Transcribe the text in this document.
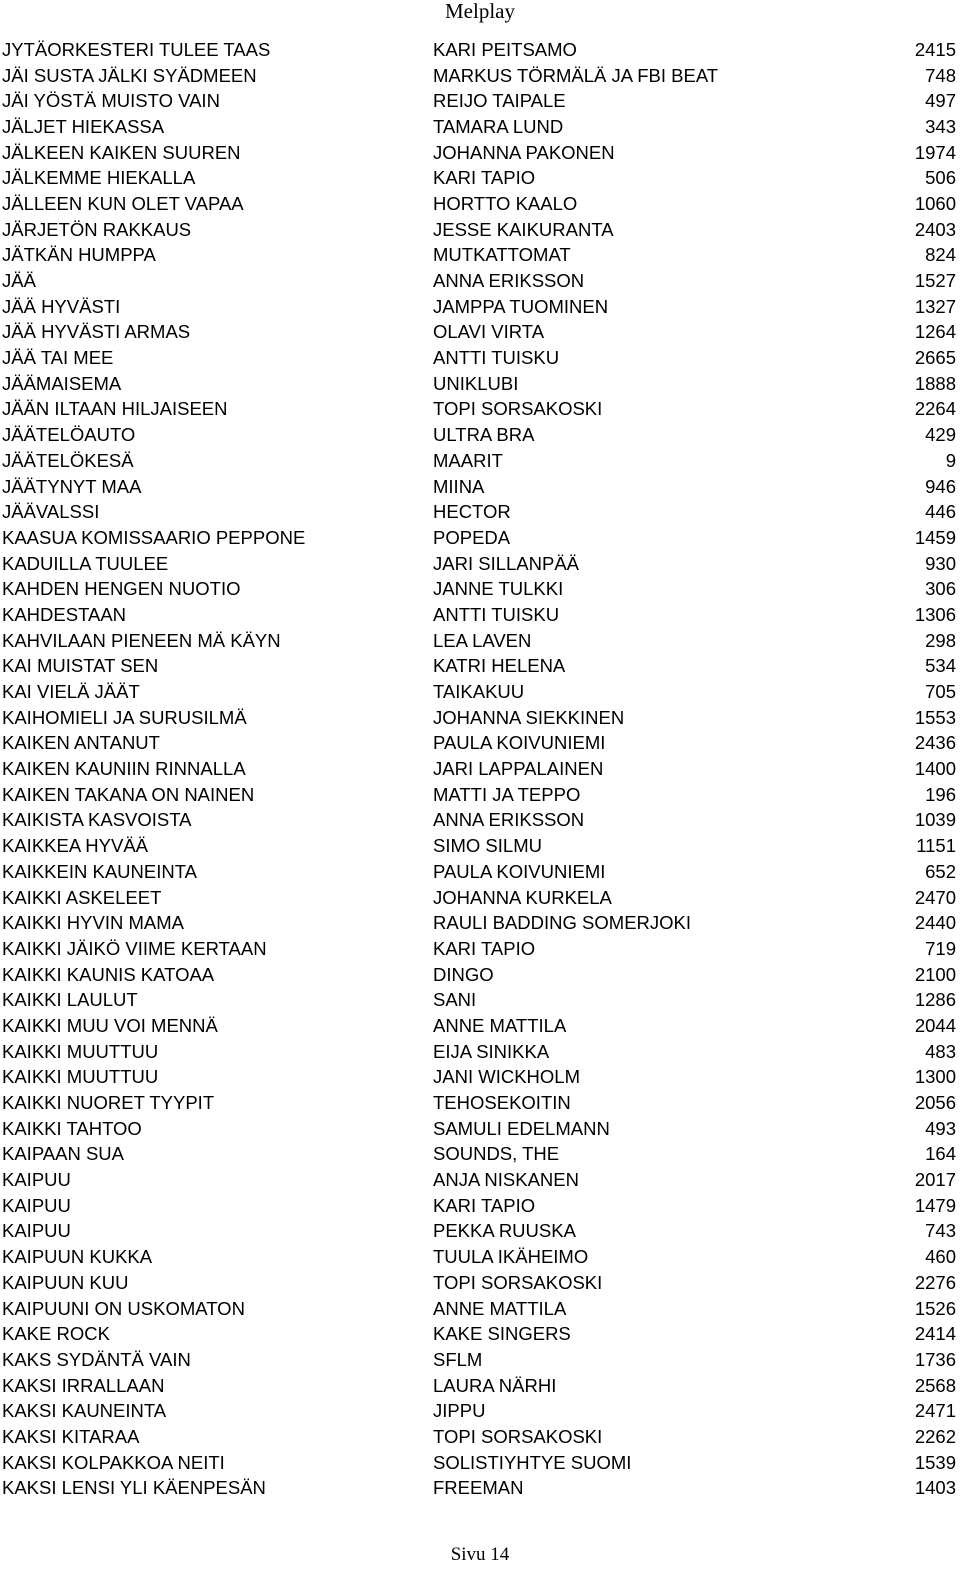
Melplay
JYTÄORKESTERI TULEE TAAS	KARI PEITSAMO	2415
JÄI SUSTA JÄLKI SYÄDMEEN	MARKUS TÖRMÄLÄ JA FBI BEAT	748
JÄI YÖSTÄ MUISTO VAIN	REIJO TAIPALE	497
JÄLJET HIEKASSA	TAMARA LUND	343
JÄLKEEN KAIKEN SUUREN	JOHANNA PAKONEN	1974
JÄLKEMME HIEKALLA	KARI TAPIO	506
JÄLLEEN KUN OLET VAPAA	HORTTO KAALO	1060
JÄRJETÖN RAKKAUS	JESSE KAIKURANTA	2403
JÄTKÄN HUMPPA	MUTKATTOMAT	824
JÄÄ	ANNA ERIKSSON	1527
JÄÄ HYVÄSTI	JAMPPA TUOMINEN	1327
JÄÄ HYVÄSTI ARMAS	OLAVI VIRTA	1264
JÄÄ TAI MEE	ANTTI TUISKU	2665
JÄÄMAISEMA	UNIKLUBI	1888
JÄÄN ILTAAN HILJAISEEN	TOPI SORSAKOSKI	2264
JÄÄTELÖAUTO	ULTRA BRA	429
JÄÄTELÖKESÄ	MAARIT	9
JÄÄTYNYT MAA	MIINA	946
JÄÄVALSSI	HECTOR	446
KAASUA KOMISSAARIO PEPPONE	POPEDA	1459
KADUILLA TUULEE	JARI SILLANPÄÄ	930
KAHDEN HENGEN NUOTIO	JANNE TULKKI	306
KAHDESTAAN	ANTTI TUISKU	1306
KAHVILAAN PIENEEN MÄ KÄYN	LEA LAVEN	298
KAI MUISTAT SEN	KATRI HELENA	534
KAI VIELÄ JÄÄT	TAIKAKUU	705
KAIHOMIELI JA SURUSILMÄ	JOHANNA SIEKKINEN	1553
KAIKEN ANTANUT	PAULA KOIVUNIEMI	2436
KAIKEN KAUNIIN RINNALLA	JARI LAPPALAINEN	1400
KAIKEN TAKANA ON NAINEN	MATTI JA TEPPO	196
KAIKISTA KASVOISTA	ANNA ERIKSSON	1039
KAIKKEA HYVÄÄ	SIMO SILMU	1151
KAIKKEIN KAUNEINTA	PAULA KOIVUNIEMI	652
KAIKKI ASKELEET	JOHANNA KURKELA	2470
KAIKKI HYVIN MAMA	RAULI BADDING SOMERJOKI	2440
KAIKKI JÄIKÖ VIIME KERTAAN	KARI TAPIO	719
KAIKKI KAUNIS KATOAA	DINGO	2100
KAIKKI LAULUT	SANI	1286
KAIKKI MUU VOI MENNÄ	ANNE MATTILA	2044
KAIKKI MUUTTUU	EIJA SINIKKA	483
KAIKKI MUUTTUU	JANI WICKHOLM	1300
KAIKKI NUORET TYYPIT	TEHOSEKOITIN	2056
KAIKKI TAHTOO	SAMULI EDELMANN	493
KAIPAAN SUA	SOUNDS, THE	164
KAIPUU	ANJA NISKANEN	2017
KAIPUU	KARI TAPIO	1479
KAIPUU	PEKKA RUUSKA	743
KAIPUUN KUKKA	TUULA IKÄHEIMO	460
KAIPUUN KUU	TOPI SORSAKOSKI	2276
KAIPUUNI ON USKOMATON	ANNE MATTILA	1526
KAKE ROCK	KAKE SINGERS	2414
KAKS SYDÄNTÄ VAIN	SFLM	1736
KAKSI IRRALLAAN	LAURA NÄRHI	2568
KAKSI KAUNEINTA	JIPPU	2471
KAKSI KITARAA	TOPI SORSAKOSKI	2262
KAKSI KOLPAKKOA NEITI	SOLISTIYHTYE SUOMI	1539
KAKSI LENSI YLI KÄENPESÄN	FREEMAN	1403
Sivu 14
